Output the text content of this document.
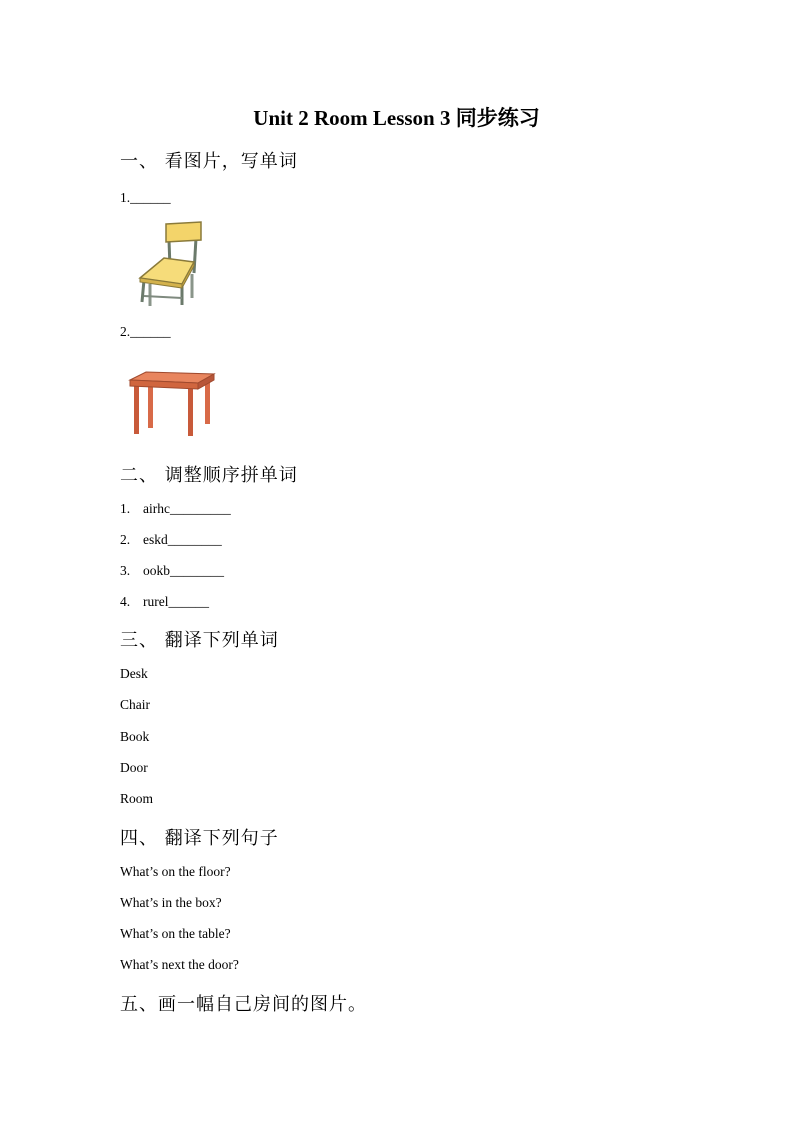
Unit 2 Room Lesson 3 同步练习
一、 看图片，写单词
1.______
2.______
二、 调整顺序拼单词
1. airhc_________
2. eskd________
3. ookb________
4. rurel______
三、 翻译下列单词
Desk
Chair
Book
Door
Room
四、 翻译下列句子
What’s on the floor?
What’s in the box?
What’s on the table?
What’s next the door?
五、画一幅自己房间的图片。
